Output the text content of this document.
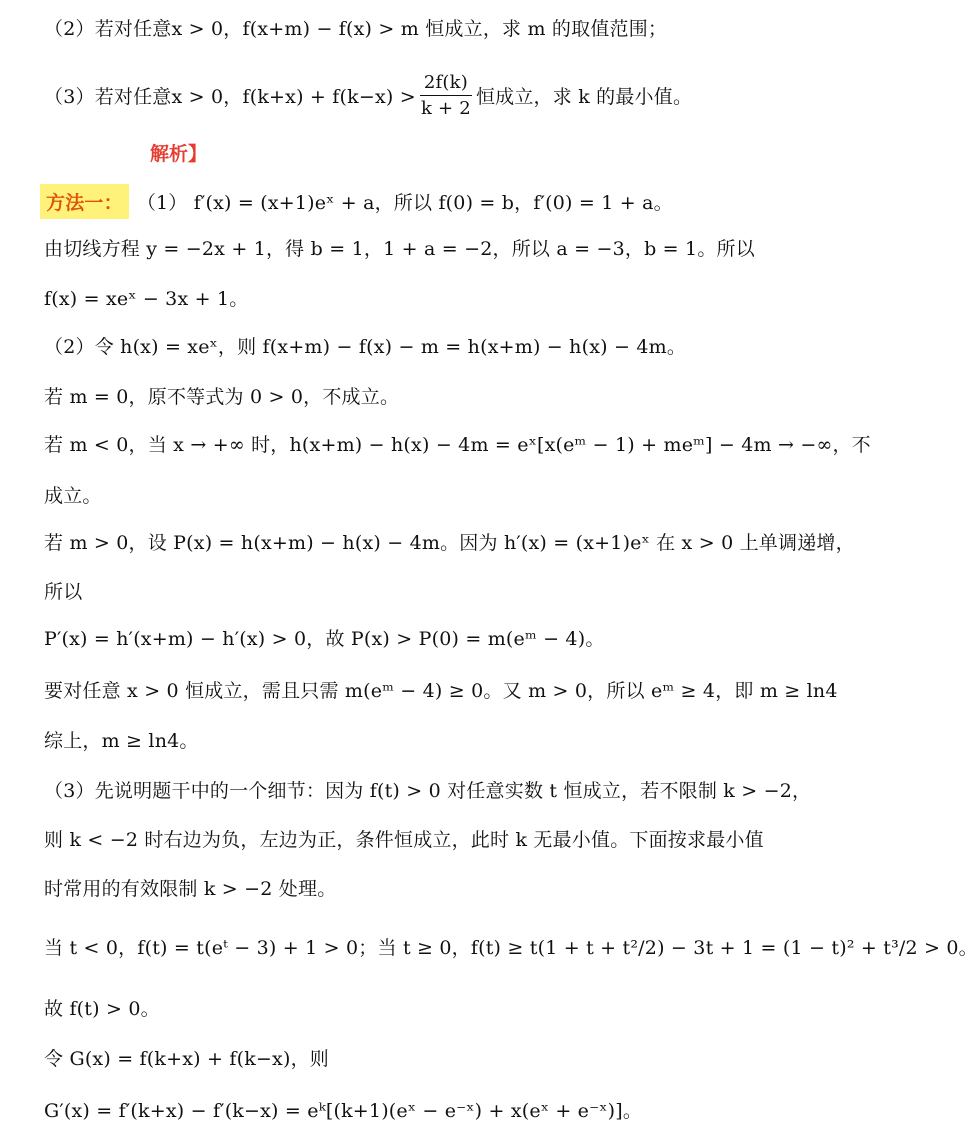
（2）若对任意x > 0，f(x+m) − f(x) > m 恒成立，求 m 的取值范围；
（3）若对任意x > 0，$f(k+x) + f(k-x) > \frac{2f(k)}{k + 2}$ 恒成立，求 k 的最小值。
解析】
方法一： （1） f′(x) = (x+1)eˣ + a，所以 f(0) = b，f′(0) = 1 + a。
由切线方程 y = −2x + 1，得 b = 1，1 + a = −2，所以 a = −3，b = 1。所以
f(x) = xeˣ − 3x + 1。
（2）令 h(x) = xeˣ，则 f(x+m) − f(x) − m = h(x+m) − h(x) − 4m。
若 m = 0，原不等式为 0 > 0，不成立。
若 m < 0，当 x → +∞ 时，h(x+m) − h(x) − 4m = eˣ[x(eᵐ − 1) + meᵐ] − 4m → −∞，不
成立。
若 m > 0，设 P(x) = h(x+m) − h(x) − 4m。因为 h′(x) = (x+1)eˣ 在 x > 0 上单调递增，
所以
P′(x) = h′(x+m) − h′(x) > 0，故 P(x) > P(0) = m(eᵐ − 4)。
要对任意 x > 0 恒成立，需且只需 m(eᵐ − 4) ≥ 0。又 m > 0，所以 eᵐ ≥ 4，即 m ≥ ln4
综上，m ≥ ln4。
（3）先说明题干中的一个细节：因为 f(t) > 0 对任意实数 t 恒成立，若不限制 k > −2，
则 k < −2 时右边为负，左边为正，条件恒成立，此时 k 无最小值。下面按求最小值
时常用的有效限制 k > −2 处理。
当 t < 0，f(t) = t(eᵗ − 3) + 1 > 0；当 t ≥ 0，f(t) ≥ t(1 + t + t²/2) − 3t + 1 = (1 − t)² + t³/2 > 0。
故 f(t) > 0。
令 G(x) = f(k+x) + f(k−x)，则
G′(x) = f′(k+x) − f′(k−x) = eᵏ[(k+1)(eˣ − e⁻ˣ) + x(eˣ + e⁻ˣ)]。
